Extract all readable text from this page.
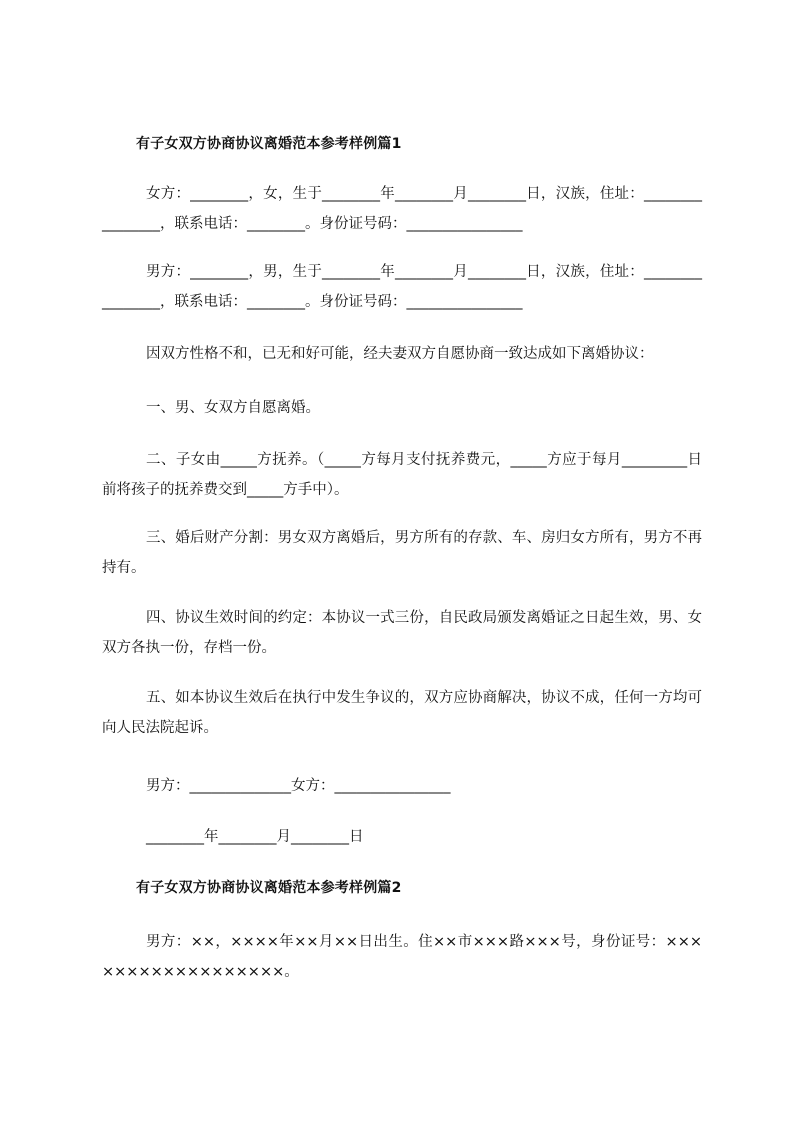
有子女双方协商协议离婚范本参考样例篇1
女方：________，女，生于________年________月________日，汉族，住址：________________，联系电话：________。身份证号码：________________
男方：________，男，生于________年________月________日，汉族，住址：________________，联系电话：________。身份证号码：________________
因双方性格不和，已无和好可能，经夫妻双方自愿协商一致达成如下离婚协议：
一、男、女双方自愿离婚。
二、子女由_____方抚养。（_____方每月支付抚养费元，_____方应于每月_________日前将孩子的抚养费交到_____方手中）。
三、婚后财产分割：男女双方离婚后，男方所有的存款、车、房归女方所有，男方不再持有。
四、协议生效时间的约定：本协议一式三份，自民政局颁发离婚证之日起生效，男、女双方各执一份，存档一份。
五、如本协议生效后在执行中发生争议的，双方应协商解决，协议不成，任何一方均可向人民法院起诉。
男方：______________女方：________________
________年________月________日
有子女双方协商协议离婚范本参考样例篇2
男方：××，××××年××月××日出生。住××市×××路×××号，身份证号：××××××××××××××××××。
